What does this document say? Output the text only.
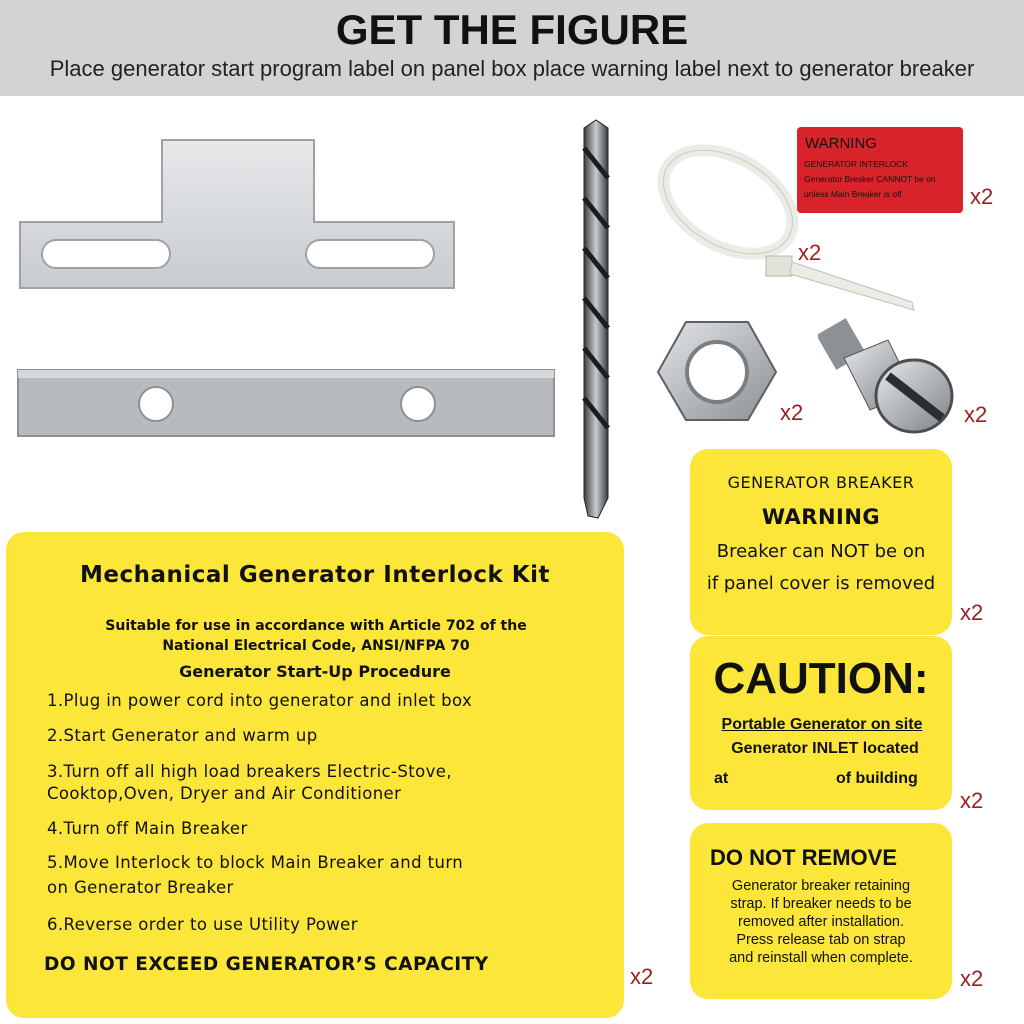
GET THE FIGURE
Place generator start program label on panel box place warning label next to generator breaker
x2
x2	x2
WARNING
GENERATOR INTERLOCK
Generator Bresker CANNOT be on
unless Main Breaker is off	x2
Mechanical Generator Interlock Kit
Suitable for use in accordance with Article 702 of the
National Electrical Code, ANSI/NFPA 70
Generator Start-Up Procedure
1.Plug in power cord into generator and inlet box
2.Start Generator and warm up
3.Turn off all high load breakers Electric-Stove,
Cooktop,Oven, Dryer and Air Conditioner
4.Turn off Main Breaker
5.Move Interlock to block Main Breaker and turn
on Generator Breaker
6.Reverse order to use Utility Power
DO NOT EXCEED GENERATOR’S CAPACITY	x2
GENERATOR BREAKER
WARNING
Breaker can NOT be on
if panel cover is removed
x2
CAUTION:
Portable Generator on site
Generator INLET located
at	of building
x2
DO NOT REMOVE
Generator breaker retaining
strap. If breaker needs to be
removed after installation.
Press release tab on strap
and reinstall when complete.
x2
